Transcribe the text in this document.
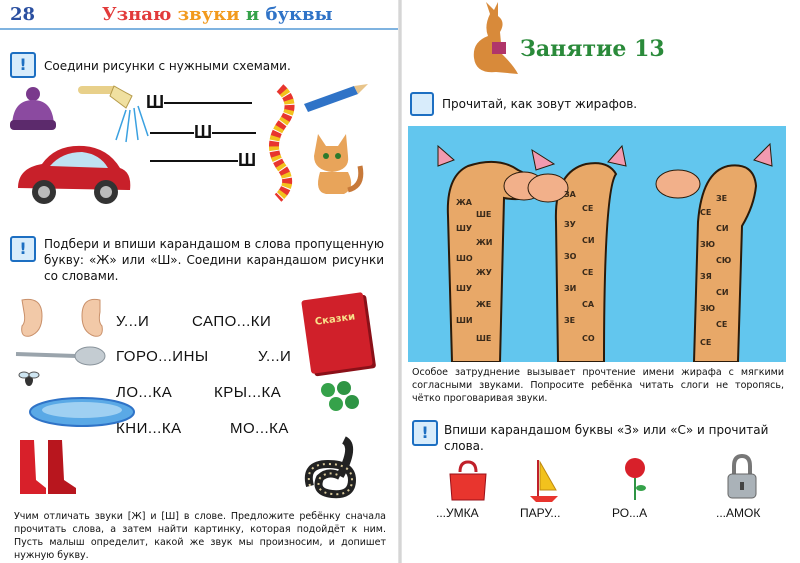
28	Узнаю звуки и буквы
!	Соедини рисунки с нужными схемами.
Ш
Ш
Ш
!	Подбери и впиши карандашом в слова пропущенную букву: «Ж» или «Ш». Соедини карандашом рисунки со словами.
У...И	САПО...КИ
ГОРО...ИНЫ	У...И
ЛО...КА	КРЫ...КА
КНИ...КА	МО...КА
Сказки
Учим отличать звуки [Ж] и [Ш] в слове. Предложите ребёнку сначала прочитать слова, а затем найти картинку, которая подойдёт к ним. Пусть малыш определит, какой же звук мы произносим, и допишет нужную букву.
Занятие 13
Прочитай, как зовут жирафов.
ЖА
ШЕ
ШУ
ЖИ
ШО
ЖУ
ШУ
ЖЕ
ШИ
ШЕ
ЗА
СЕ
ЗУ
СИ
ЗО
СЕ
ЗИ
СА
ЗЕ
СО
ЗЕ
СЕ
СИ
ЗЮ
СЮ
ЗЯ
СИ
ЗЮ
СЕ
СЕ
Особое затруднение вызывает прочтение имени жирафа с мягкими согласными звуками. Попросите ребёнка читать слоги не торопясь, чётко проговаривая звуки.
!	Впиши карандашом буквы «З» или «С» и прочитай слова.
...УМКА	ПАРУ...	РО...А	...АМОК
